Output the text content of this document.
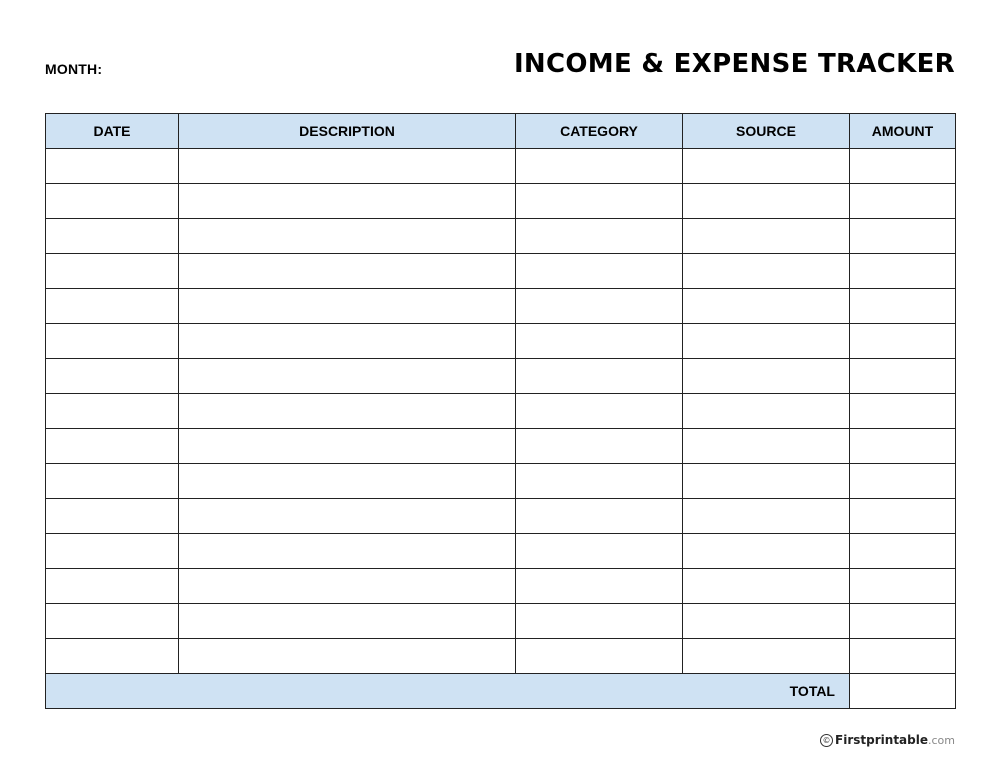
MONTH:	INCOME & EXPENSE TRACKER
DATE	DESCRIPTION	CATEGORY	SOURCE	AMOUNT

TOTAL				
© Firstprintable .com
